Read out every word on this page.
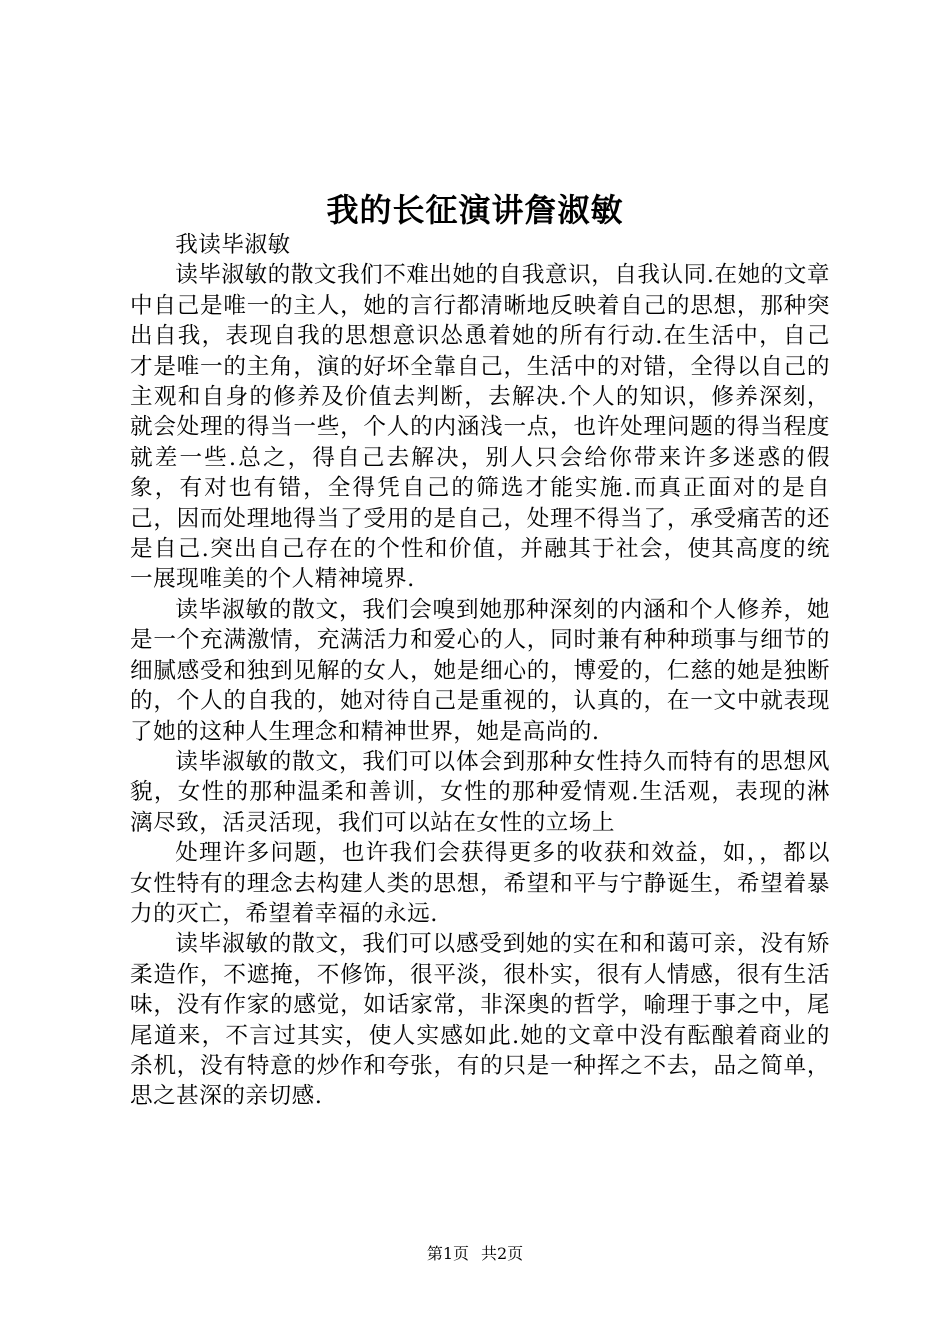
我的长征演讲詹淑敏

我读毕淑敏

读毕淑敏的散文我们不难出她的自我意识，自我认同.在她的文章中自己是唯一的主人，她的言行都清晰地反映着自己的思想，那种突出自我，表现自我的思想意识怂恿着她的所有行动.在生活中，自己才是唯一的主角，演的好坏全靠自己，生活中的对错，全得以自己的主观和自身的修养及价值去判断，去解决.个人的知识，修养深刻，就会处理的得当一些，个人的内涵浅一点，也许处理问题的得当程度就差一些.总之，得自己去解决，别人只会给你带来许多迷惑的假象，有对也有错，全得凭自己的筛选才能实施.而真正面对的是自己，因而处理地得当了受用的是自己，处理不得当了，承受痛苦的还是自己.突出自己存在的个性和价值，并融其于社会，使其高度的统一展现唯美的个人精神境界.

读毕淑敏的散文，我们会嗅到她那种深刻的内涵和个人修养，她是一个充满激情，充满活力和爱心的人，同时兼有种种琐事与细节的细腻感受和独到见解的女人，她是细心的，博爱的，仁慈的她是独断的，个人的自我的，她对待自己是重视的，认真的，在一文中就表现了她的这种人生理念和精神世界，她是高尚的.

读毕淑敏的散文，我们可以体会到那种女性持久而特有的思想风貌，女性的那种温柔和善训，女性的那种爱情观.生活观，表现的淋漓尽致，活灵活现，我们可以站在女性的立场上

处理许多问题，也许我们会获得更多的收获和效益，如，，都以女性特有的理念去构建人类的思想，希望和平与宁静诞生，希望着暴力的灭亡，希望着幸福的永远.

读毕淑敏的散文，我们可以感受到她的实在和和蔼可亲，没有矫柔造作，不遮掩，不修饰，很平淡，很朴实，很有人情感，很有生活味，没有作家的感觉，如话家常，非深奥的哲学，喻理于事之中，尾尾道来，不言过其实，使人实感如此.她的文章中没有酝酿着商业的杀机，没有特意的炒作和夸张，有的只是一种挥之不去，品之简单，思之甚深的亲切感.

第1页 共2页
